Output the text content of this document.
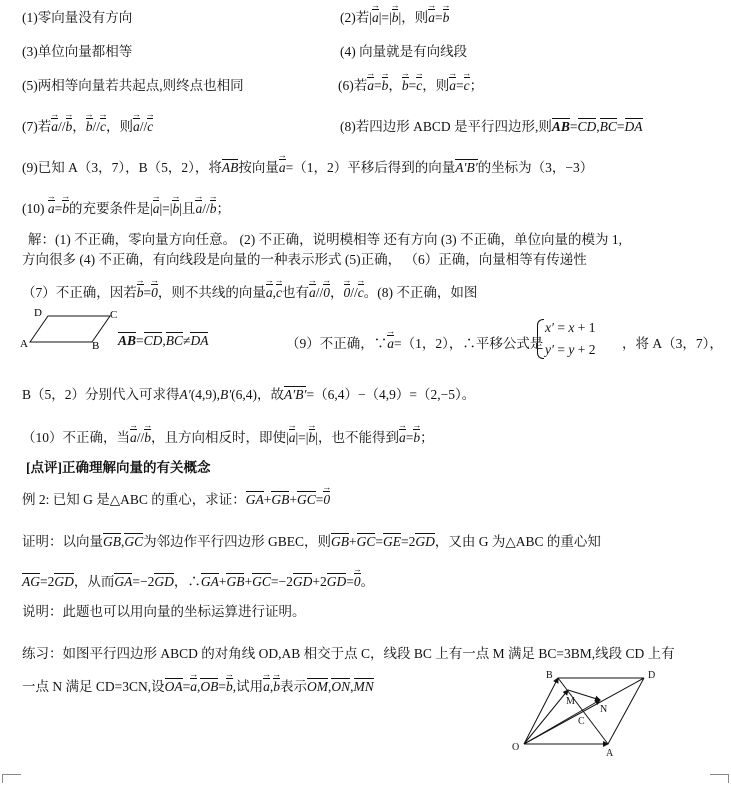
(1)零向量没有方向	(2)若|a →|=|b →|，则a →=b →
(3)单位向量都相等	(4) 向量就是有向线段
(5)两相等向量若共起点,则终点也相同	(6)若a →=b →，b →=c →，则a →=c →；
(7)若a →//b →，b →//c →，则a →//c →	(8)若四边形 ABCD 是平行四边形,则AB=CD,BC=DA
(9)已知 A（3，7），B（5，2），将AB按向量a →=（1，2）平移后得到的向量A′B′的坐标为（3，−3）
(10) a →=b →的充要条件是|a →|=|b →|且a →//b →；
解：(1) 不正确，零向量方向任意。 (2) 不正确，说明模相等 还有方向 (3) 不正确，单位向量的模为 1,
方向很多 (4) 不正确，有向线段是向量的一种表示形式 (5)正确， （6）正确，向量相等有传递性
（7）不正确，因若b →=0 →，则不共线的向量a →,c →也有a →//0 →，0 →//c →。(8) 不正确，如图
D	C
A	B AB=CD,BC≠DA	（9）不正确，∵a →=（1，2），∴平移公式是
x′ = x + 1
y′ = y + 2 ，将 A（3，7），
B（5，2）分别代入可求得A′(4,9),B′(6,4)，故A′B′=（6,4）−（4,9）=（2,−5）。
（10）不正确，当a →//b →，且方向相反时，即使|a →|=|b →|，也不能得到a →=b →；
[点评]正确理解向量的有关概念
例 2: 已知 G 是△ABC 的重心，求证：GA+GB+GC=0 →
证明：以向量GB,GC为邻边作平行四边形 GBEC，则GB+GC=GE=2GD，又由 G 为△ABC 的重心知
AG=2GD，从而GA=−2GD，∴GA+GB+GC=−2GD+2GD=0 →。
说明：此题也可以用向量的坐标运算进行证明。
练习：如图平行四边形 ABCD 的对角线 OD,AB 相交于点 C，线段 BC 上有一点 M 满足 BC=3BM,线段 CD 上有
一点 N 满足 CD=3CN,设OA=a →,OB=b →,试用a →,b →表示OM,ON,MN
B	D
M
N
C
O
A
